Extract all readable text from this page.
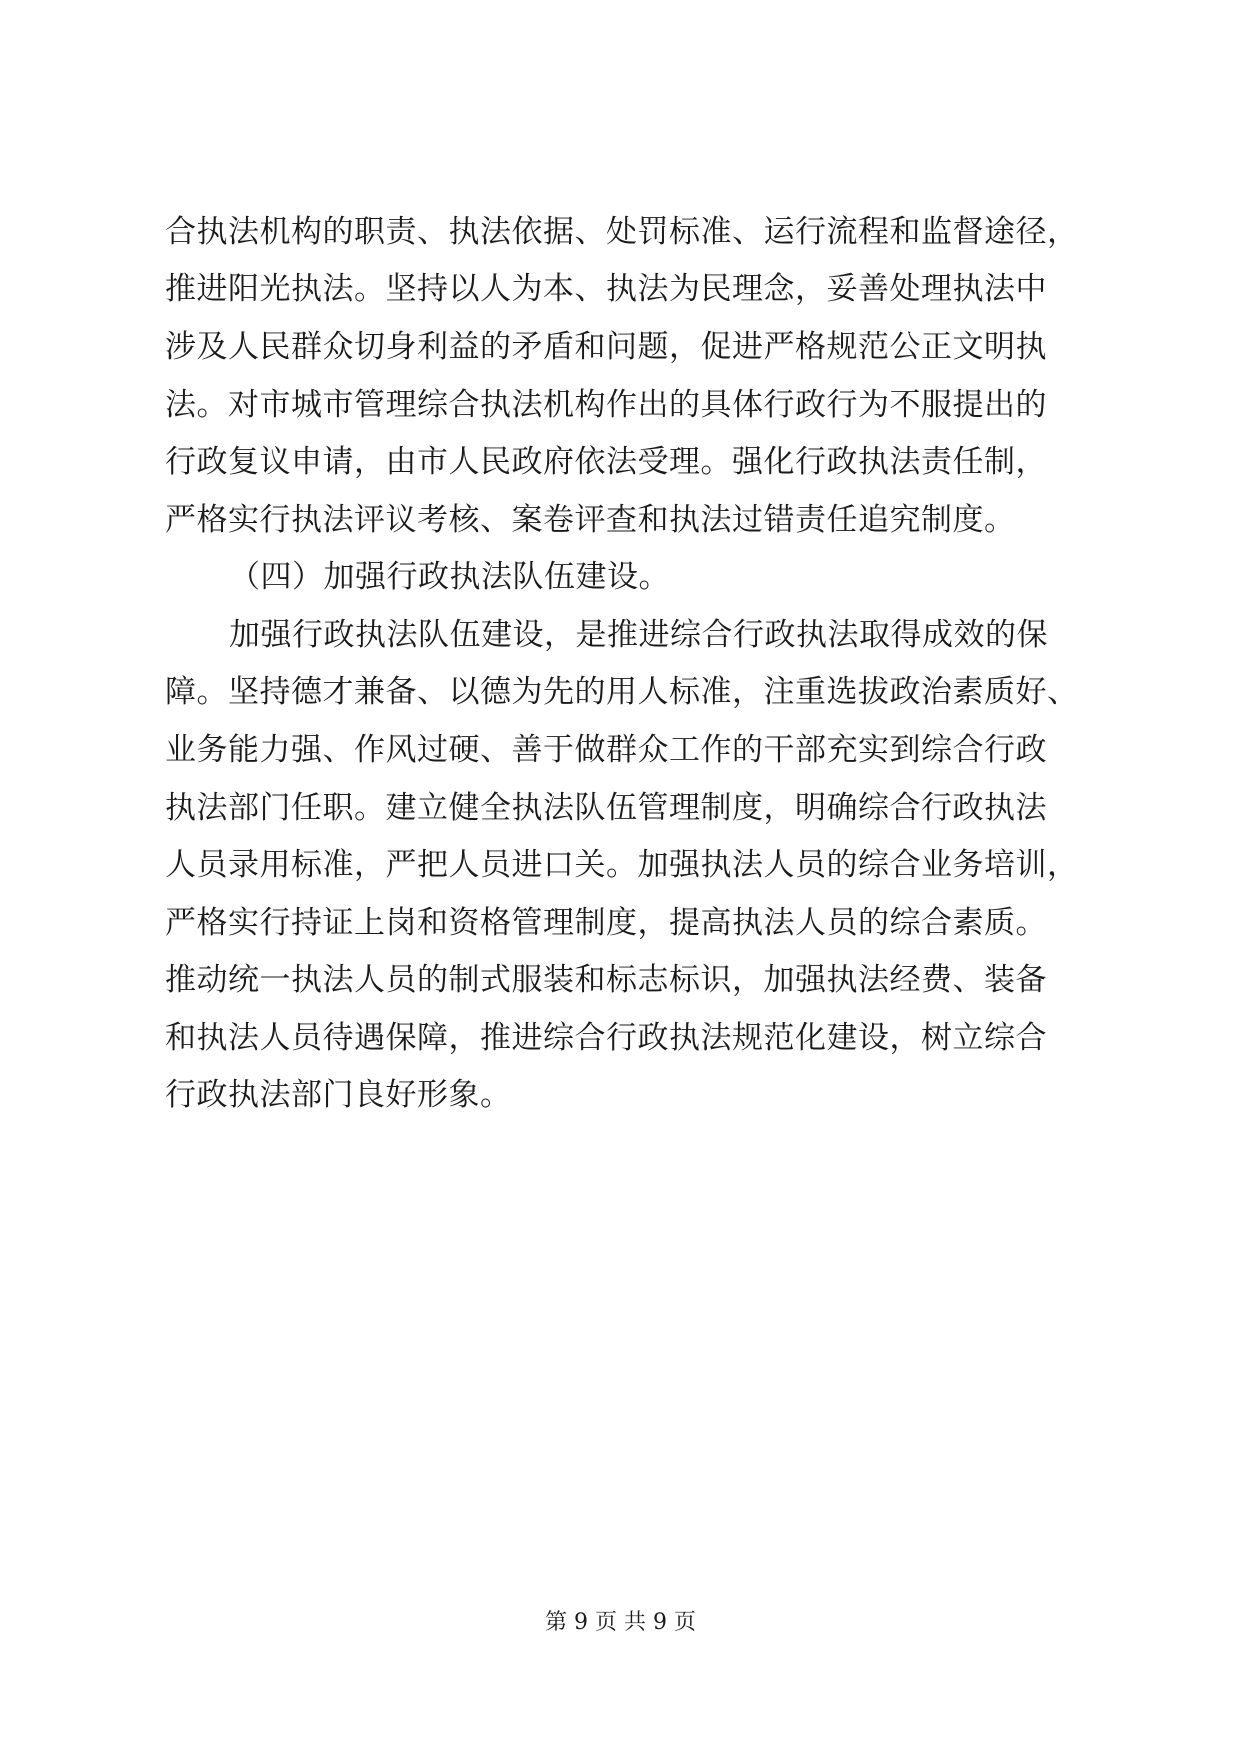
合执法机构的职责、执法依据、处罚标准、运行流程和监督途径，
推进阳光执法。坚持以人为本、执法为民理念，妥善处理执法中
涉及人民群众切身利益的矛盾和问题，促进严格规范公正文明执
法。对市城市管理综合执法机构作出的具体行政行为不服提出的
行政复议申请，由市人民政府依法受理。强化行政执法责任制，
严格实行执法评议考核、案卷评查和执法过错责任追究制度。
（四）加强行政执法队伍建设。
加强行政执法队伍建设，是推进综合行政执法取得成效的保
障。坚持德才兼备、以德为先的用人标准，注重选拔政治素质好、
业务能力强、作风过硬、善于做群众工作的干部充实到综合行政
执法部门任职。建立健全执法队伍管理制度，明确综合行政执法
人员录用标准，严把人员进口关。加强执法人员的综合业务培训，
严格实行持证上岗和资格管理制度，提高执法人员的综合素质。
推动统一执法人员的制式服装和标志标识，加强执法经费、装备
和执法人员待遇保障，推进综合行政执法规范化建设，树立综合
行政执法部门良好形象。
第 9 页 共 9 页
